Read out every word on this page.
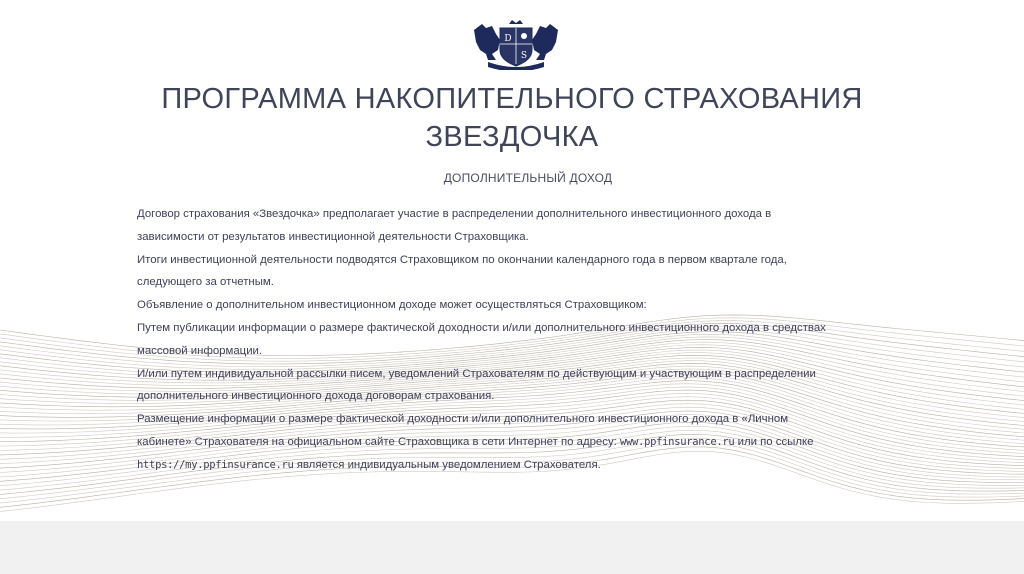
D
S
ПРОГРАММА НАКОПИТЕЛЬНОГО СТРАХОВАНИЯ
ЗВЕЗДОЧКА
ДОПОЛНИТЕЛЬНЫЙ ДОХОД

Договор страхования «Звездочка» предполагает участие в распределении дополнительного инвестиционного дохода в

зависимости от результатов инвестиционной деятельности Страховщика.

Итоги инвестиционной деятельности подводятся Страховщиком по окончании календарного года в первом квартале года,

следующего за отчетным.

Объявление о дополнительном инвестиционном доходе может осуществляться Страховщиком:

Путем публикации информации о размере фактической доходности и/или дополнительного инвестиционного дохода в средствах

массовой информации.

И/или путем индивидуальной рассылки писем, уведомлений Страхователям по действующим и участвующим в распределении

дополнительного инвестиционного дохода договорам страхования.

Размещение информации о размере фактической доходности и/или дополнительного инвестиционного дохода в «Личном

кабинете» Страхователя на официальном сайте Страховщика в сети Интернет по адресу: www.ppfinsurance.ru или по ссылке

https://my.ppfinsurance.ru является индивидуальным уведомлением Страхователя.
